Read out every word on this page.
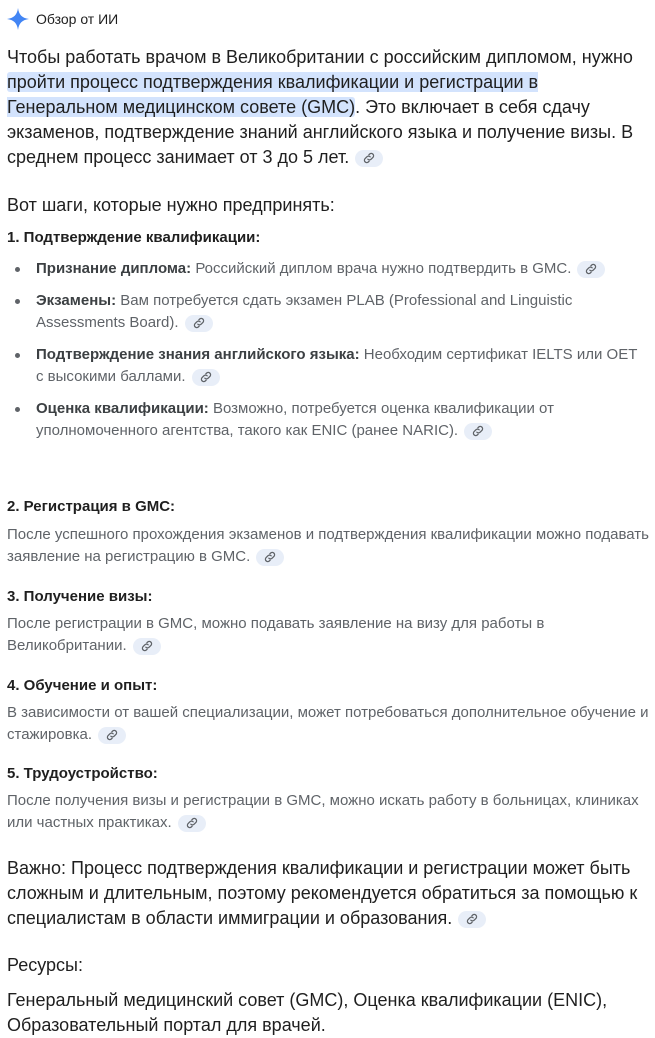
Обзор от ИИ
Чтобы работать врачом в Великобритании с российским дипломом, нужно пройти процесс подтверждения квалификации и регистрации в Генеральном медицинском совете (GMC). Это включает в себя сдачу экзаменов, подтверждение знаний английского языка и получение визы. В среднем процесс занимает от 3 до 5 лет.
Вот шаги, которые нужно предпринять:
1. Подтверждение квалификации:
Признание диплома: Российский диплом врача нужно подтвердить в GMC.
Экзамены: Вам потребуется сдать экзамен PLAB (Professional and Linguistic Assessments Board).
Подтверждение знания английского языка: Необходим сертификат IELTS или OET с высокими баллами.
Оценка квалификации: Возможно, потребуется оценка квалификации от уполномоченного агентства, такого как ENIC (ранее NARIC).
2. Регистрация в GMC:
После успешного прохождения экзаменов и подтверждения квалификации можно подавать заявление на регистрацию в GMC.
3. Получение визы:
После регистрации в GMC, можно подавать заявление на визу для работы в Великобритании.
4. Обучение и опыт:
В зависимости от вашей специализации, может потребоваться дополнительное обучение и стажировка.
5. Трудоустройство:
После получения визы и регистрации в GMC, можно искать работу в больницах, клиниках или частных практиках.
Важно: Процесс подтверждения квалификации и регистрации может быть сложным и длительным, поэтому рекомендуется обратиться за помощью к специалистам в области иммиграции и образования.
Ресурсы:
Генеральный медицинский совет (GMC), Оценка квалификации (ENIC), Образовательный портал для врачей.
